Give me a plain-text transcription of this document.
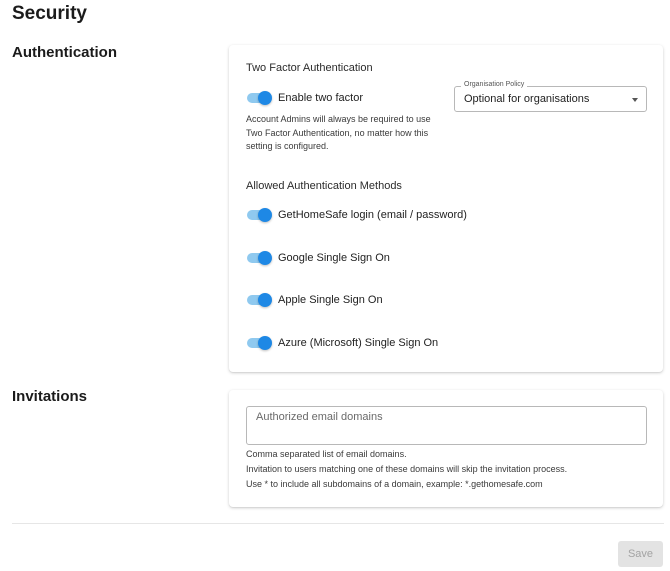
Security
Authentication
Two Factor Authentication
Enable two factor
Organisation Policy
Optional for organisations
Account Admins will always be required to use Two Factor Authentication, no matter how this setting is configured.
Allowed Authentication Methods
GetHomeSafe login (email / password)
Google Single Sign On
Apple Single Sign On
Azure (Microsoft) Single Sign On
Invitations
Authorized email domains
Comma separated list of email domains.
Invitation to users matching one of these domains will skip the invitation process.
Use * to include all subdomains of a domain, example: *.gethomesafe.com
Save
